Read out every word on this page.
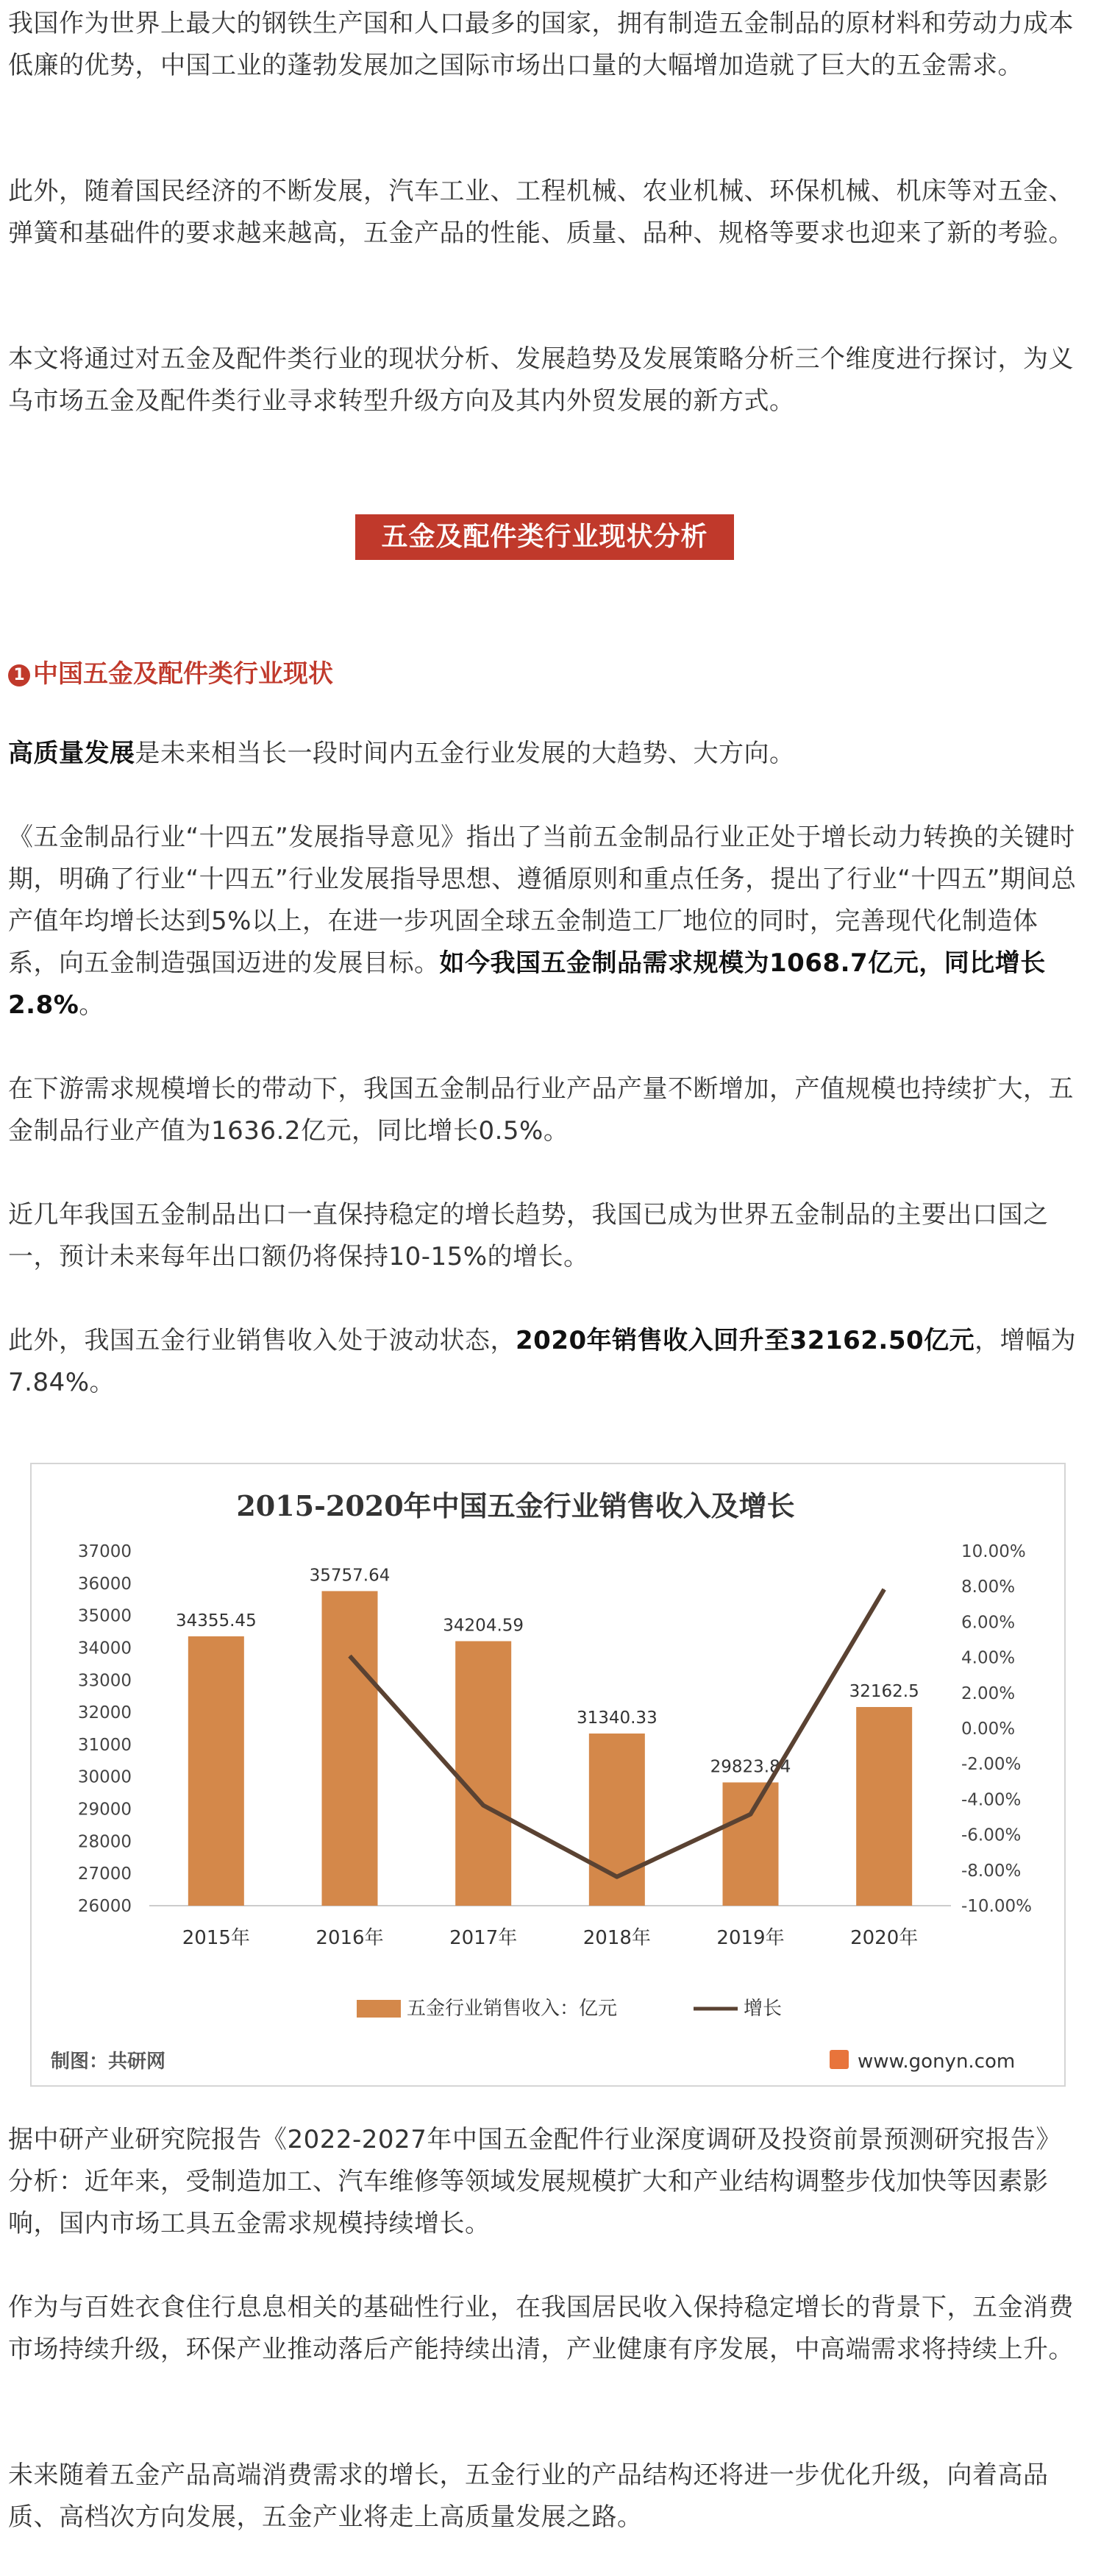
我国作为世界上最大的钢铁生产国和人口最多的国家，拥有制造五金制品的原材料和劳动力成本低廉的优势，中国工业的蓬勃发展加之国际市场出口量的大幅增加造就了巨大的五金需求。

此外，随着国民经济的不断发展，汽车工业、工程机械、农业机械、环保机械、机床等对五金、弹簧和基础件的要求越来越高，五金产品的性能、质量、品种、规格等要求也迎来了新的考验。

本文将通过对五金及配件类行业的现状分析、发展趋势及发展策略分析三个维度进行探讨，为义乌市场五金及配件类行业寻求转型升级方向及其内外贸发展的新方式。

五金及配件类行业现状分析
1 中国五金及配件类行业现状

高质量发展是未来相当长一段时间内五金行业发展的大趋势、大方向。

《五金制品行业“十四五”发展指导意见》指出了当前五金制品行业正处于增长动力转换的关键时期，明确了行业“十四五”行业发展指导思想、遵循原则和重点任务，提出了行业“十四五”期间总产值年均增长达到5%以上，在进一步巩固全球五金制造工厂地位的同时，完善现代化制造体系，向五金制造强国迈进的发展目标。如今我国五金制品需求规模为1068.7亿元，同比增长2.8%。

在下游需求规模增长的带动下，我国五金制品行业产品产量不断增加，产值规模也持续扩大，五金制品行业产值为1636.2亿元，同比增长0.5%。

近几年我国五金制品出口一直保持稳定的增长趋势，我国已成为世界五金制品的主要出口国之一，预计未来每年出口额仍将保持10-15%的增长。

此外，我国五金行业销售收入处于波动状态，2020年销售收入回升至32162.50亿元，增幅为7.84%。

2015-2020年中国五金行业销售收入及增长
26000
27000
28000
29000
30000
31000
32000
33000
34000
35000
36000
37000
-10.00%
-8.00%
-6.00%
-4.00%
-2.00%
0.00%
2.00%
4.00%
6.00%
8.00%
10.00%
34355.45
35757.64
34204.59
31340.33
29823.84
32162.5
2015年	2016年	2017年	2018年	2019年	2020年
五金行业销售收入：亿元	增长
制图：共研网	www.gonyn.com

据中研产业研究院报告《2022-2027年中国五金配件行业深度调研及投资前景预测研究报告》分析：近年来，受制造加工、汽车维修等领域发展规模扩大和产业结构调整步伐加快等因素影响，国内市场工具五金需求规模持续增长。

作为与百姓衣食住行息息相关的基础性行业，在我国居民收入保持稳定增长的背景下，五金消费市场持续升级，环保产业推动落后产能持续出清，产业健康有序发展，中高端需求将持续上升。

未来随着五金产品高端消费需求的增长，五金行业的产品结构还将进一步优化升级，向着高品质、高档次方向发展，五金产业将走上高质量发展之路。
